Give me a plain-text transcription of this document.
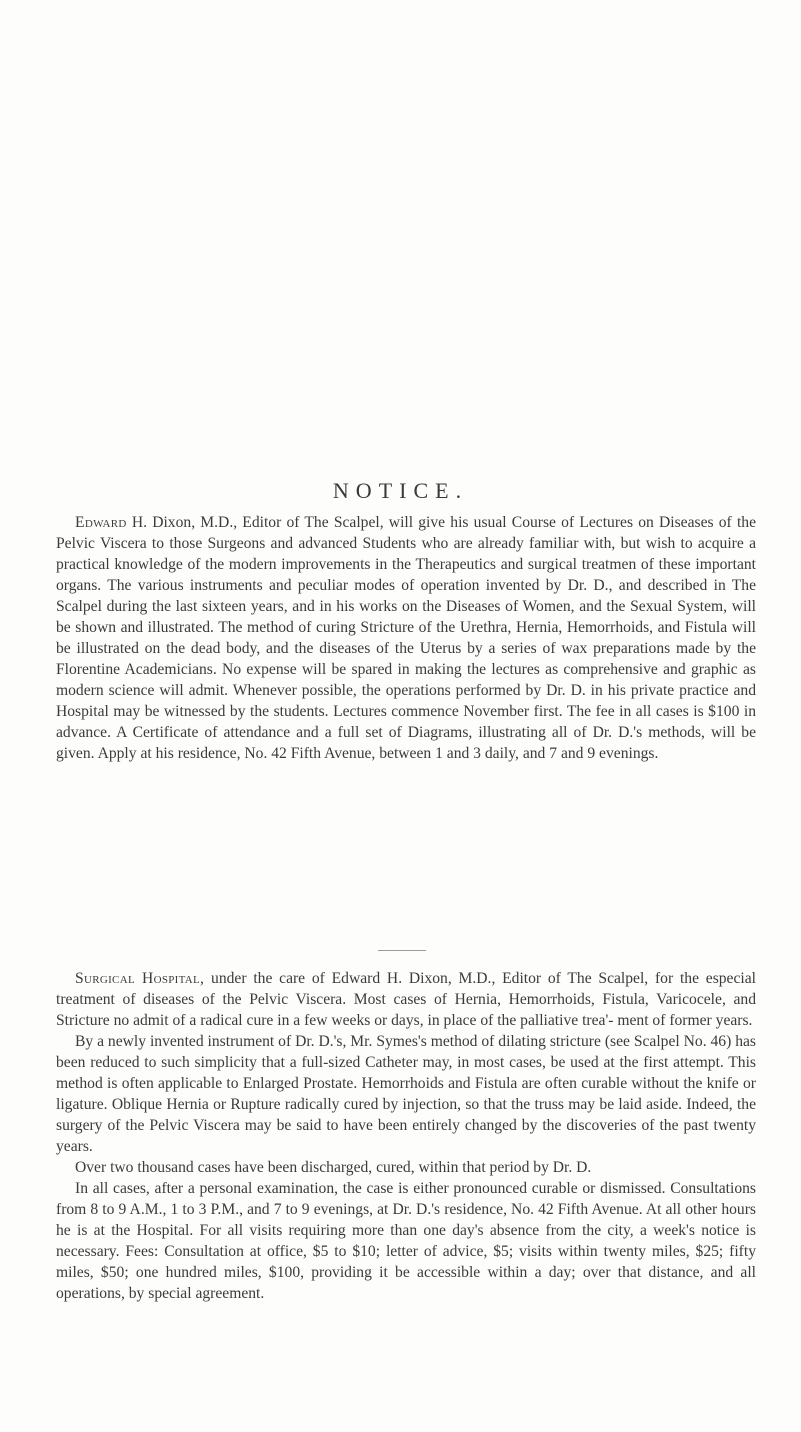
NOTICE.

Edward H. Dixon, M.D., Editor of The Scalpel, will give his usual Course of Lectures on Diseases of the Pelvic Viscera to those Surgeons and advanced Students who are already familiar with, but wish to acquire a practical knowledge of the modern improvements in the Therapeutics and surgical treatmen of these important organs. The various instruments and peculiar modes of operation invented by Dr. D., and described in The Scalpel during the last sixteen years, and in his works on the Diseases of Women, and the Sexual System, will be shown and illustrated. The method of curing Stricture of the Urethra, Hernia, Hemorrhoids, and Fistula will be illustrated on the dead body, and the diseases of the Uterus by a series of wax preparations made by the Florentine Academicians. No expense will be spared in making the lectures as comprehensive and graphic as modern science will admit. Whenever possible, the operations performed by Dr. D. in his private practice and Hospital may be witnessed by the students. Lectures commence November first. The fee in all cases is $100 in advance. A Certificate of attendance and a full set of Diagrams, illustrating all of Dr. D.'s methods, will be given. Apply at his residence, No. 42 Fifth Avenue, between 1 and 3 daily, and 7 and 9 evenings.

Surgical Hospital, under the care of Edward H. Dixon, M.D., Editor of The Scalpel, for the especial treatment of diseases of the Pelvic Viscera. Most cases of Hernia, Hemorrhoids, Fistula, Varicocele, and Stricture no admit of a radical cure in a few weeks or days, in place of the palliative trea'- ment of former years.

By a newly invented instrument of Dr. D.'s, Mr. Symes's method of dilating stricture (see Scalpel No. 46) has been reduced to such simplicity that a full-sized Catheter may, in most cases, be used at the first attempt. This method is often applicable to Enlarged Prostate. Hemorrhoids and Fistula are often curable without the knife or ligature. Oblique Hernia or Rupture radically cured by injection, so that the truss may be laid aside. Indeed, the surgery of the Pelvic Viscera may be said to have been entirely changed by the discoveries of the past twenty years.

Over two thousand cases have been discharged, cured, within that period by Dr. D.

In all cases, after a personal examination, the case is either pronounced curable or dismissed. Consultations from 8 to 9 A.M., 1 to 3 P.M., and 7 to 9 evenings, at Dr. D.'s residence, No. 42 Fifth Avenue. At all other hours he is at the Hospital. For all visits requiring more than one day's absence from the city, a week's notice is necessary. Fees: Consultation at office, $5 to $10; letter of advice, $5; visits within twenty miles, $25; fifty miles, $50; one hundred miles, $100, providing it be accessible within a day; over that distance, and all operations, by special agreement.
